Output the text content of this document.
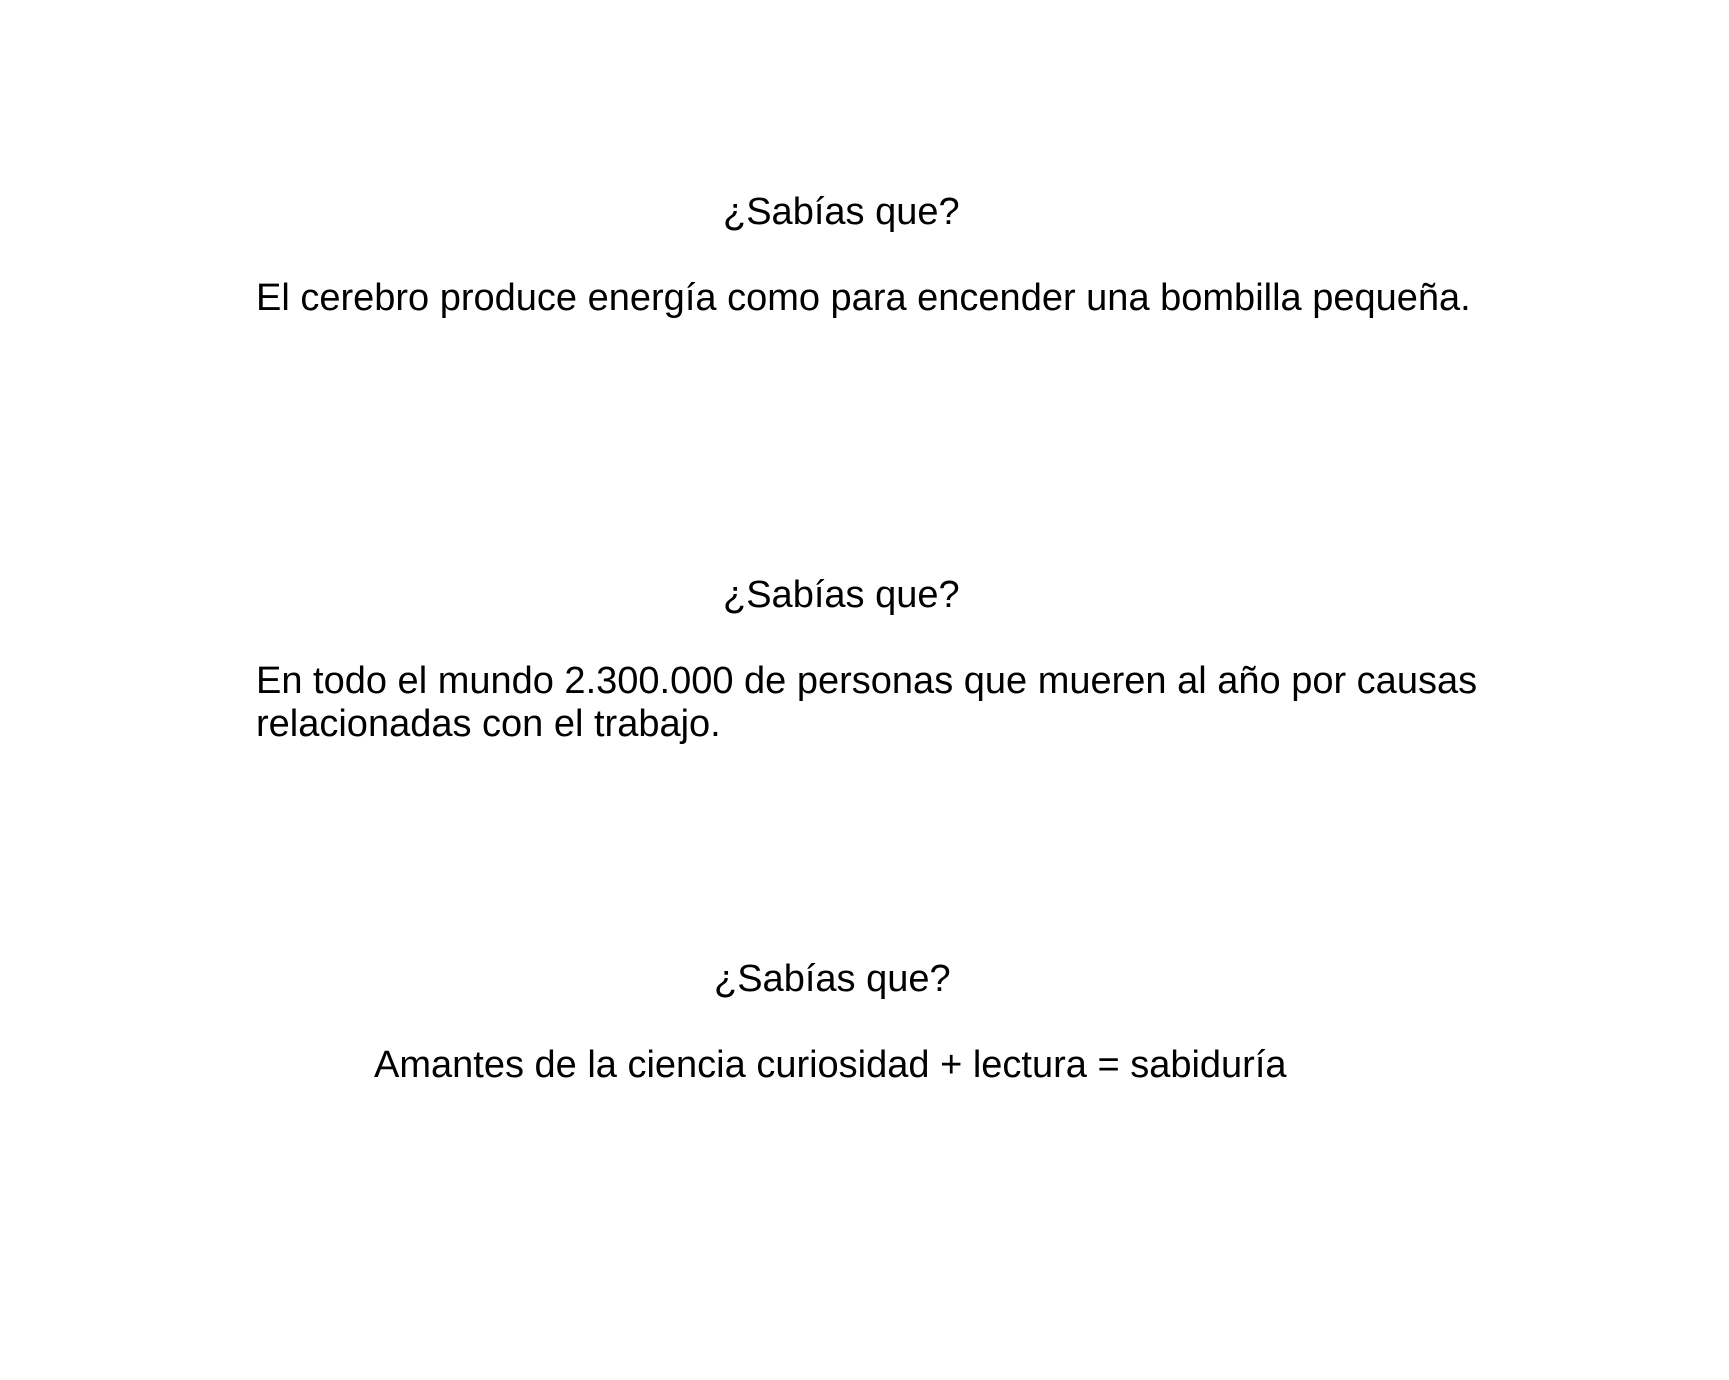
¿Sabías que?
El cerebro produce energía como para encender una bombilla pequeña.
¿Sabías que?
En todo el mundo 2.300.000 de personas que mueren al año por causas relacionadas con el trabajo.
¿Sabías que?
Amantes de la ciencia curiosidad + lectura = sabiduría
